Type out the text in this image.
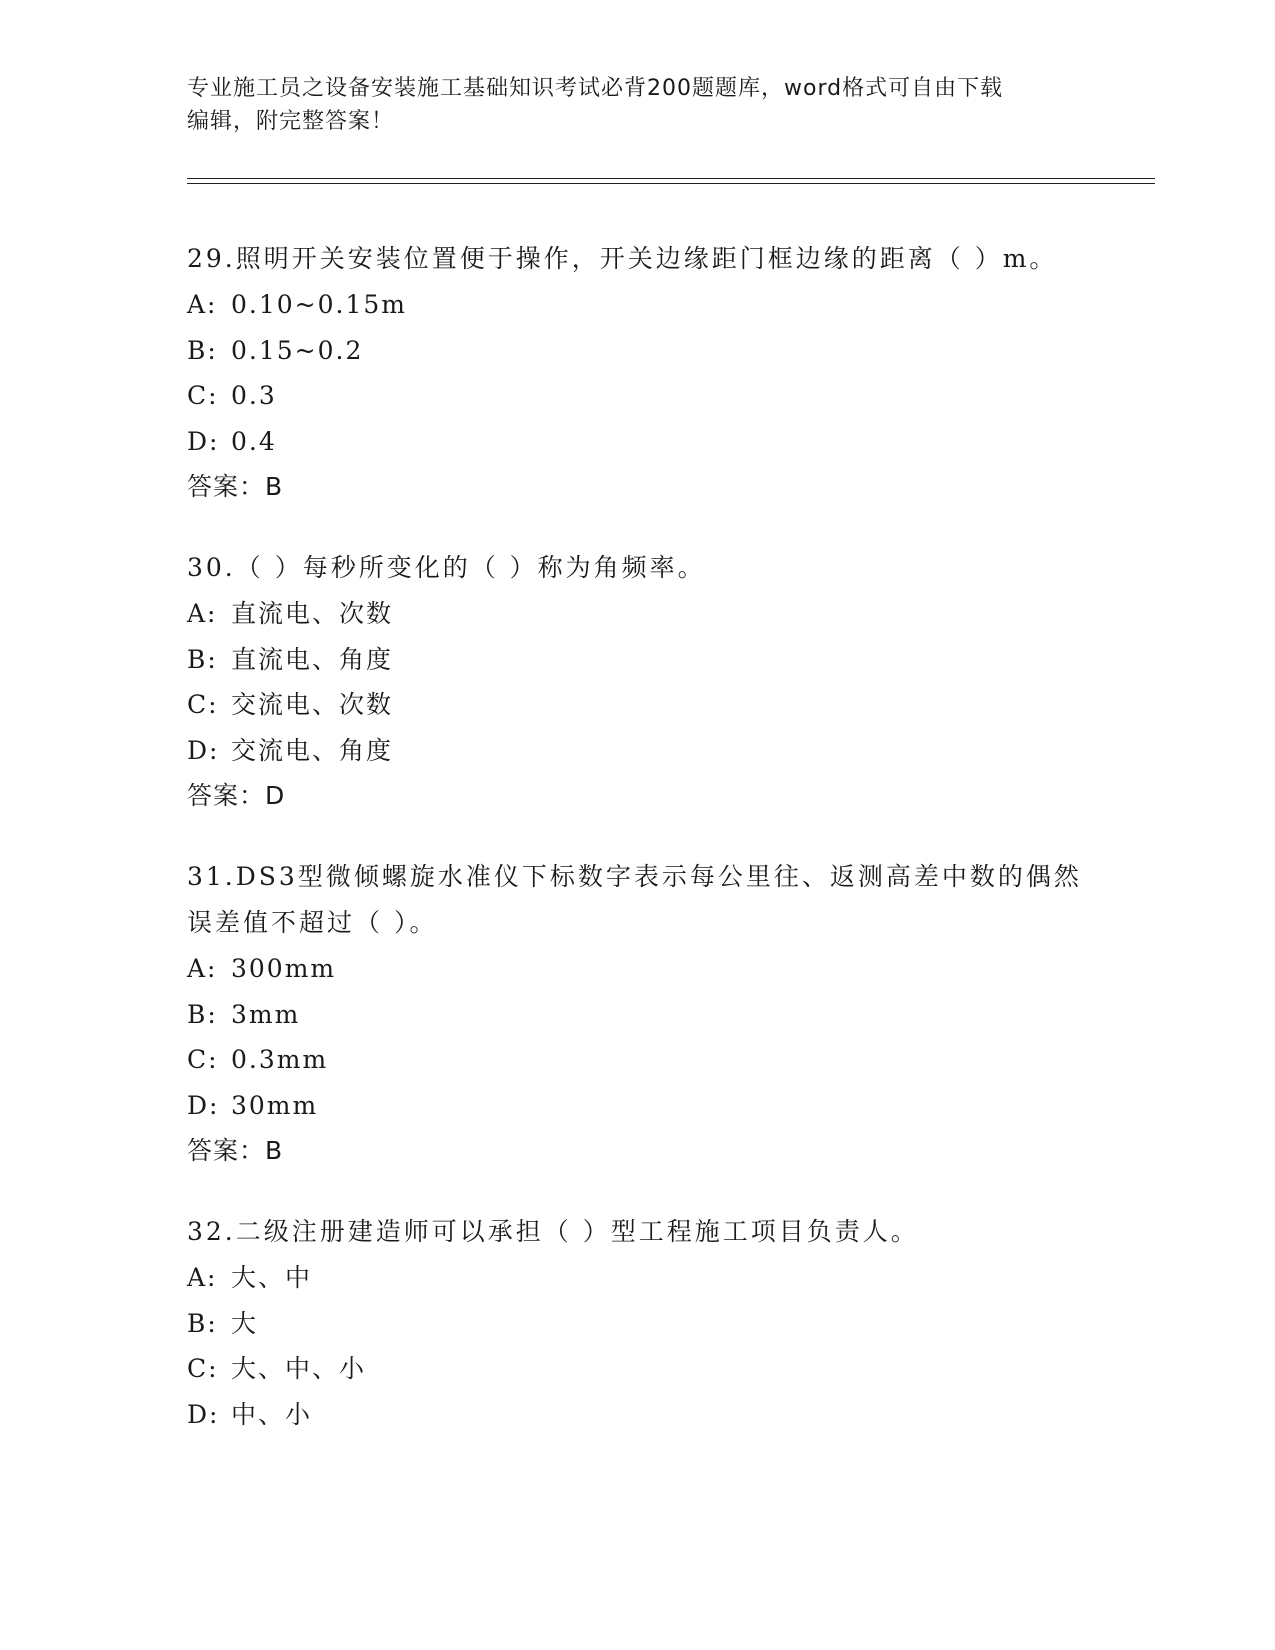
专业施工员之设备安装施工基础知识考试必背200题题库，word格式可自由下载
编辑，附完整答案！

29.照明开关安装位置便于操作，开关边缘距门框边缘的距离（ ）m。

A: 0.10~0.15m

B: 0.15~0.2

C: 0.3

D: 0.4

答案：B

30.（ ）每秒所变化的（ ）称为角频率。

A: 直流电、次数

B: 直流电、角度

C: 交流电、次数

D: 交流电、角度

答案：D

31.DS3型微倾螺旋水准仪下标数字表示每公里往、返测高差中数的偶然误差值不超过（ ）。

A: 300mm

B: 3mm

C: 0.3mm

D: 30mm

答案：B

32.二级注册建造师可以承担（ ）型工程施工项目负责人。

A: 大、中

B: 大

C: 大、中、小

D: 中、小
